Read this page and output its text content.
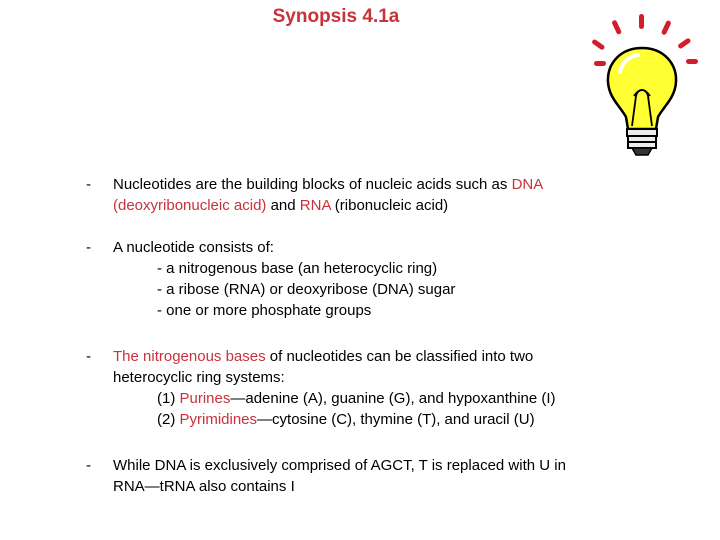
Synopsis 4.1a
- Nucleotides are the building blocks of nucleic acids such as DNA
(deoxyribonucleic acid) and RNA (ribonucleic acid)
- A nucleotide consists of:
- a nitrogenous base (an heterocyclic ring)
- a ribose (RNA) or deoxyribose (DNA) sugar
- one or more phosphate groups
- The nitrogenous bases of nucleotides can be classified into two
heterocyclic ring systems:
(1) Purines—adenine (A), guanine (G), and hypoxanthine (I)
(2) Pyrimidines—cytosine (C), thymine (T), and uracil (U)
- While DNA is exclusively comprised of AGCT, T is replaced with U in
RNA—tRNA also contains I
